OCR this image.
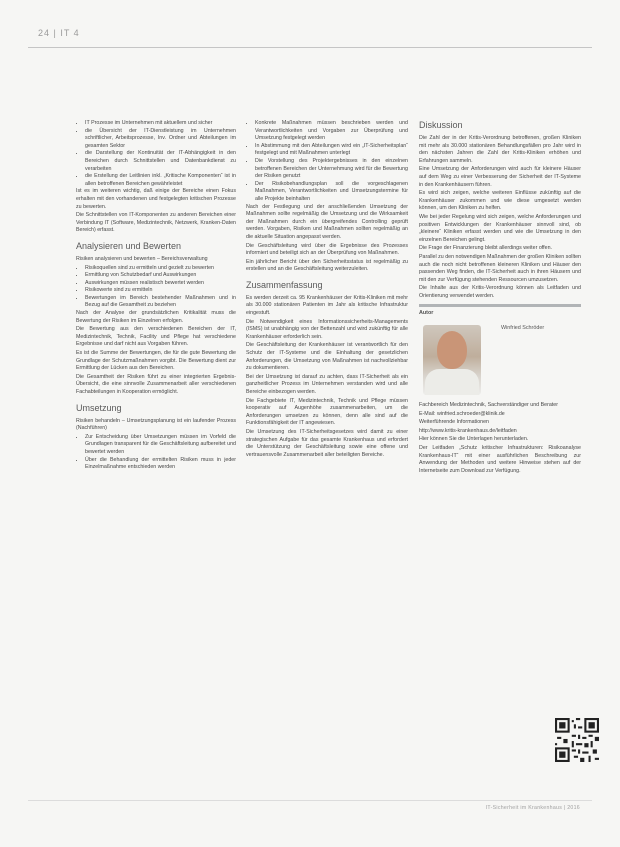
24 | IT 4
• IT Prozesse im Unternehmen mit aktuellem und sicher
• die Übersicht der IT-Dienstleistung im Unternehmen schriftlicher, Arbeitsprozesse, Inv. Ordner und Abteilungen im gesamten Sektor
• die Darstellung der Kontinuität der IT-Abhängigkeit in den Bereichen durch Schnittstellen und Datenbankdienst zu verarbeiten
• die Erstellung der Leitlinien inkl. „Kritische Komponenten“ ist in allen betroffenen Bereichen gewährleistet

Ist es im weiteren wichtig, daß einige der Bereiche einen Fokus erhalten mit den vorhandenen und festgelegten kritischen Prozesse zu bewerten.

Die Schnittstellen von IT-Komponenten zu anderen Bereichen einer Verbindung IT (Software, Medizintechnik, Netzwerk, Kranken-Daten Bereich) erfasst.

Analysieren und Bewerten

Risiken analysieren und bewerten – Bereichsverwaltung

• Risikoquellen sind zu ermitteln und gezielt zu bewerten
• Ermittlung von Schutzbedarf und Auswirkungen
• Auswirkungen müssen realistisch bewertet werden
• Risikowerte sind zu ermitteln
• Bewertungen im Bereich bestehender Maßnahmen und in Bezug auf die Gesamtheit zu beziehen

Nach der Analyse der grundsätzlichen Kritikalität muss die Bewertung der Risiken im Einzelnen erfolgen.

Die Bewertung aus den verschiedenen Bereichen der IT, Medizintechnik, Technik, Facility und Pflege hat verschiedene Ergebnisse und darf nicht aus Vorgaben führen.

Es ist die Summe der Bewertungen, die für die gute Bewertung die Grundlage der Schutzmaßnahmen vorgibt. Die Bewertung dient zur Ermittlung der Lücken aus den Bereichen.

Die Gesamtheit der Risiken führt zu einer integrierten Ergebnis-Übersicht, die eine sinnvolle Zusammenarbeit aller verschiedenen Fachabteilungen in Kooperation ermöglicht.

Umsetzung

Risiken behandeln – Umsetzungsplanung ist ein laufender Prozess (Nachführen)

• Zur Entscheidung über Umsetzungen müssen im Vorfeld die Grundlagen transparent für die Geschäftsleitung aufbereitet und bewertet werden
• Über die Behandlung der ermittelten Risiken muss in jeder Einzelmaßnahme entschieden werden
• Konkrete Maßnahmen müssen beschrieben werden und Verantwortlichkeiten und Vorgaben zur Überprüfung und Umsetzung festgelegt werden
• In Abstimmung mit den Abteilungen wird ein „IT-Sicherheitsplan“ festgelegt und mit Maßnahmen unterlegt
• Die Vorstellung des Projektergebnisses in den einzelnen betroffenen Bereichen der Unternehmung wird für die Bewertung der Risiken genutzt
• Der Risikobehandlungsplan soll die vorgeschlagenen Maßnahmen, Verantwortlichkeiten und Umsetzungstermine für alle Projekte beinhalten

Nach der Festlegung und der anschließenden Umsetzung der Maßnahmen sollte regelmäßig die Umsetzung und die Wirksamkeit der Maßnahmen durch ein übergreifendes Controlling geprüft werden. Vorgaben, Risiken und Maßnahmen sollten regelmäßig an die aktuelle Situation angepasst werden.

Die Geschäftsleitung wird über die Ergebnisse des Prozesses informiert und beteiligt sich an der Überprüfung von Maßnahmen.

Ein jährlicher Bericht über den Sicherheitsstatus ist regelmäßig zu erstellen und an die Geschäftsleitung weiterzuleiten.

Zusammenfassung

Es werden derzeit ca. 95 Krankenhäuser der Kritis-Kliniken mit mehr als 30.000 stationären Patienten im Jahr als kritische Infrastruktur eingestuft.

Die Notwendigkeit eines Informationssicherheits-Managements (ISMS) ist unabhängig von der Bettenzahl und wird zukünftig für alle Krankenhäuser erforderlich sein.

Die Geschäftsleitung der Krankenhäuser ist verantwortlich für den Schutz der IT-Systeme und die Einhaltung der gesetzlichen Anforderungen, die Umsetzung von Maßnahmen ist nachvollziehbar zu dokumentieren.

Bei der Umsetzung ist darauf zu achten, dass IT-Sicherheit als ein ganzheitlicher Prozess im Unternehmen verstanden wird und alle Bereiche einbezogen werden.

Die Fachgebiete IT, Medizintechnik, Technik und Pflege müssen kooperativ auf Augenhöhe zusammenarbeiten, um die Anforderungen umsetzen zu können, denn alle sind auf die Funktionsfähigkeit der IT angewiesen.

Die Umsetzung des IT-Sicherheitsgesetzes wird damit zu einer strategischen Aufgabe für das gesamte Krankenhaus und erfordert die Unterstützung der Geschäftsleitung sowie eine offene und vertrauensvolle Zusammenarbeit aller beteiligten Bereiche.

Diskussion

Die Zahl der in der Kritis-Verordnung betroffenen, großen Kliniken mit mehr als 30.000 stationären Behandlungsfällen pro Jahr wird in den nächsten Jahren die Zahl der Kritis-Kliniken erhöhen und Erfahrungen sammeln.

Eine Umsetzung der Anforderungen wird auch für kleinere Häuser auf dem Weg zu einer Verbesserung der Sicherheit der IT-Systeme in den Krankenhäusern führen.

Es wird sich zeigen, welche weiteren Einflüsse zukünftig auf die Krankenhäuser zukommen und wie diese umgesetzt werden können, um den Kliniken zu helfen.

Wie bei jeder Regelung wird sich zeigen, welche Anforderungen und positiven Entwicklungen der Krankenhäuser sinnvoll sind, ob „kleinere“ Kliniken erfasst werden und wie die Umsetzung in den einzelnen Bereichen gelingt.

Die Frage der Finanzierung bleibt allerdings weiter offen.

Parallel zu den notwendigen Maßnahmen der großen Kliniken sollten auch die noch nicht betroffenen kleineren Kliniken und Häuser den passenden Weg finden, die IT-Sicherheit auch in ihren Häusern und mit den zur Verfügung stehenden Ressourcen umzusetzen.

Die Inhalte aus der Kritis-Verordnung können als Leitfaden und Orientierung verwendet werden.

Autor
Winfried Schröder

Fachbereich Medizintechnik, Sachverständiger und Berater

E-Mail: winfried.schroeder@klinik.de

Weiterführende Informationen

http://www.kritis-krankenhaus.de/leitfaden

Hier können Sie die Unterlagen herunterladen.

Der Leitfaden „Schutz kritischer Infrastrukturen: Risikoanalyse Krankenhaus-IT“ mit einer ausführlichen Beschreibung zur Anwendung der Methoden und weitere Hinweise stehen auf der Internetseite zum Download zur Verfügung.

IT-Sicherheit im Krankenhaus | 2016
